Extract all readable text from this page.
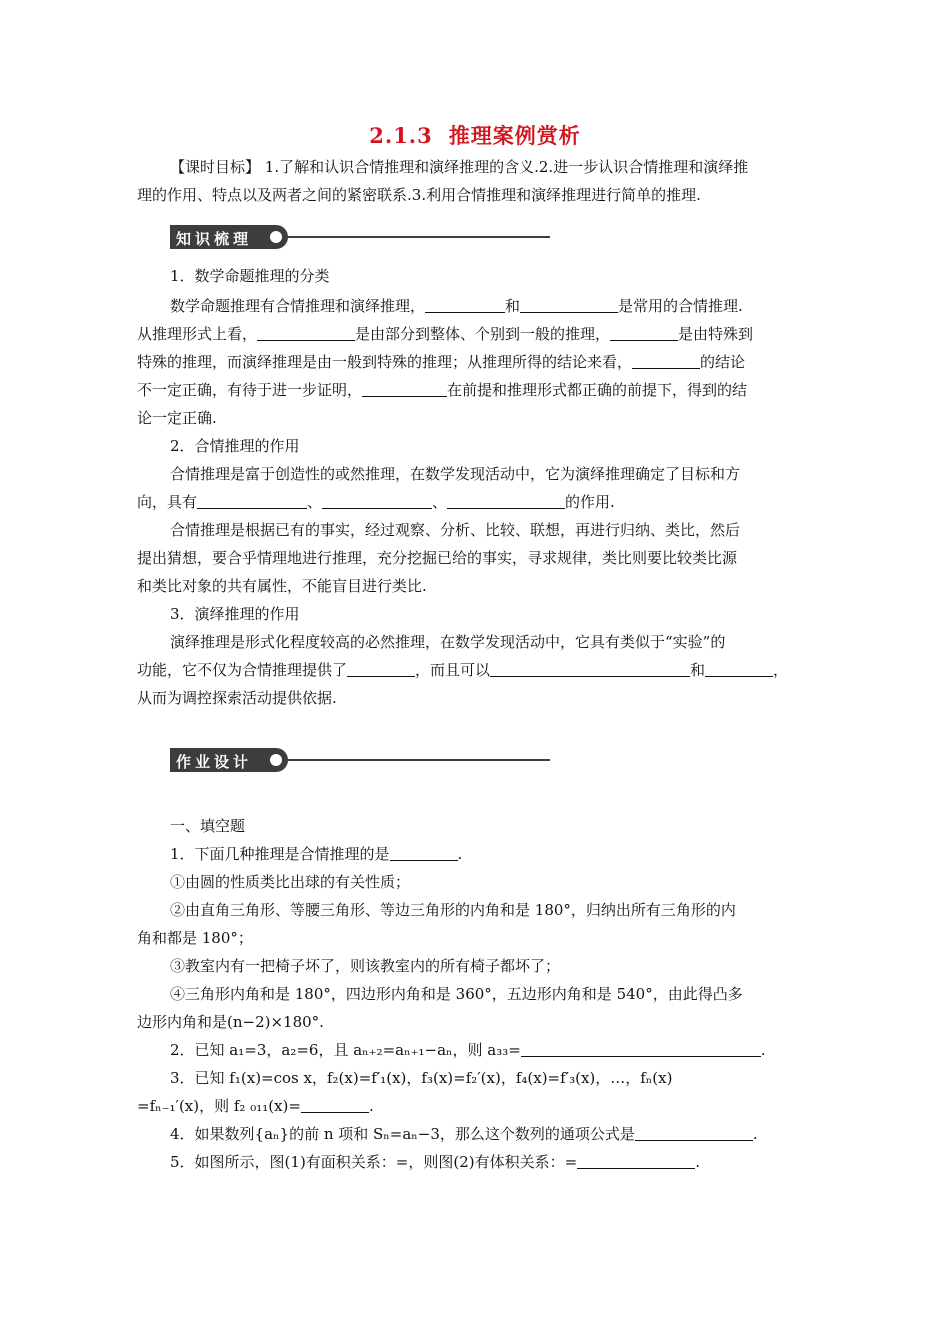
2.1.3 推理案例赏析
【课时目标】 1.了解和认识合情推理和演绎推理的含义.2.进一步认识合情推理和演绎推
理的作用、特点以及两者之间的紧密联系.3.利用合情推理和演绎推理进行简单的推理.
知识梳理
1．数学命题推理的分类
数学命题推理有合情推理和演绎推理，	和	是常用的合情推理.
从推理形式上看，	是由部分到整体、个别到一般的推理，	是由特殊到
特殊的推理，而演绎推理是由一般到特殊的推理；从推理所得的结论来看，	的结论
不一定正确，有待于进一步证明，	在前提和推理形式都正确的前提下，得到的结
论一定正确.
2．合情推理的作用
合情推理是富于创造性的或然推理，在数学发现活动中，它为演绎推理确定了目标和方
向，具有	、	、	的作用.
合情推理是根据已有的事实，经过观察、分析、比较、联想，再进行归纳、类比，然后
提出猜想，要合乎情理地进行推理，充分挖掘已给的事实，寻求规律，类比则要比较类比源
和类比对象的共有属性，不能盲目进行类比.
3．演绎推理的作用
演绎推理是形式化程度较高的必然推理，在数学发现活动中，它具有类似于“实验”的
功能，它不仅为合情推理提供了	，而且可以	和	，
从而为调控探索活动提供依据.
作业设计
一、填空题
1．下面几种推理是合情推理的是	.
①由圆的性质类比出球的有关性质；
②由直角三角形、等腰三角形、等边三角形的内角和是 180°，归纳出所有三角形的内
角和都是 180°；
③教室内有一把椅子坏了，则该教室内的所有椅子都坏了；
④三角形内角和是 180°，四边形内角和是 360°，五边形内角和是 540°，由此得凸多
边形内角和是(n−2)×180°.
2．已知 a₁=3，a₂=6，且 aₙ₊₂=aₙ₊₁−aₙ，则 a₃₃=	.
3．已知 f₁(x)=cos x，f₂(x)=f′₁(x)，f₃(x)=f₂′(x)，f₄(x)=f′₃(x)，…，fₙ(x)
=fₙ₋₁′(x)，则 f₂ ₀₁₁(x)=	.
4．如果数列{aₙ}的前 n 项和 Sₙ=aₙ−3，那么这个数列的通项公式是	.
5．如图所示，图(1)有面积关系：=，则图(2)有体积关系：=	.
